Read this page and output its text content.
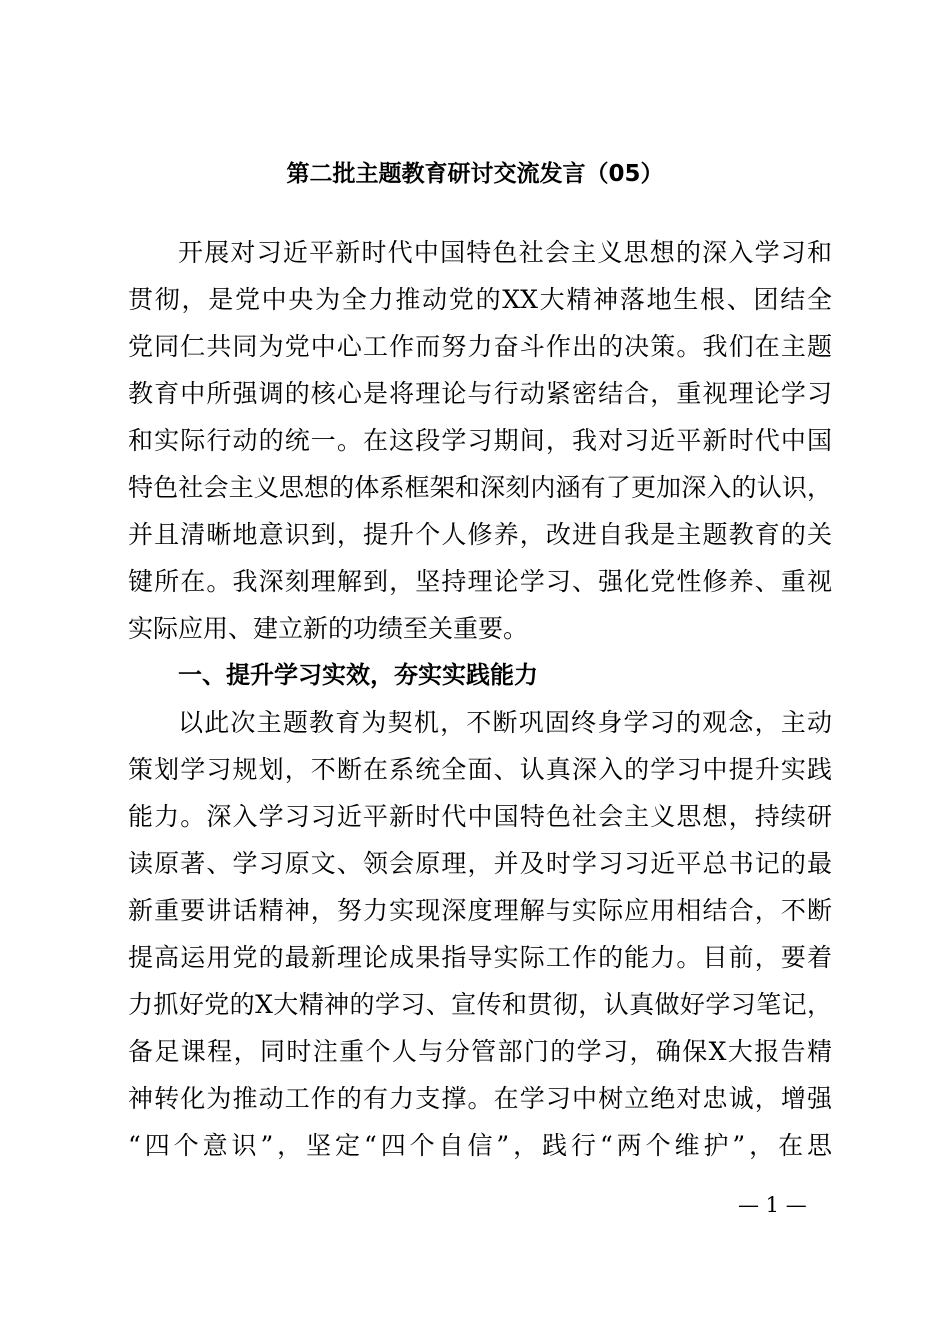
第二批主题教育研讨交流发言（05）
开展对习近平新时代中国特色社会主义思想的深入学习和
贯彻，是党中央为全力推动党的XX大精神落地生根、团结全
党同仁共同为党中心工作而努力奋斗作出的决策。我们在主题
教育中所强调的核心是将理论与行动紧密结合，重视理论学习
和实际行动的统一。在这段学习期间，我对习近平新时代中国
特色社会主义思想的体系框架和深刻内涵有了更加深入的认识，
并且清晰地意识到，提升个人修养，改进自我是主题教育的关
键所在。我深刻理解到，坚持理论学习、强化党性修养、重视
实际应用、建立新的功绩至关重要。
一、提升学习实效，夯实实践能力
以此次主题教育为契机，不断巩固终身学习的观念，主动
策划学习规划，不断在系统全面、认真深入的学习中提升实践
能力。深入学习习近平新时代中国特色社会主义思想，持续研
读原著、学习原文、领会原理，并及时学习习近平总书记的最
新重要讲话精神，努力实现深度理解与实际应用相结合，不断
提高运用党的最新理论成果指导实际工作的能力。目前，要着
力抓好党的X大精神的学习、宣传和贯彻，认真做好学习笔记，
备足课程，同时注重个人与分管部门的学习，确保X大报告精
神转化为推动工作的有力支撑。在学习中树立绝对忠诚，增强
“四个意识”，坚定“四个自信”，践行“两个维护”，在思
— 1 —
